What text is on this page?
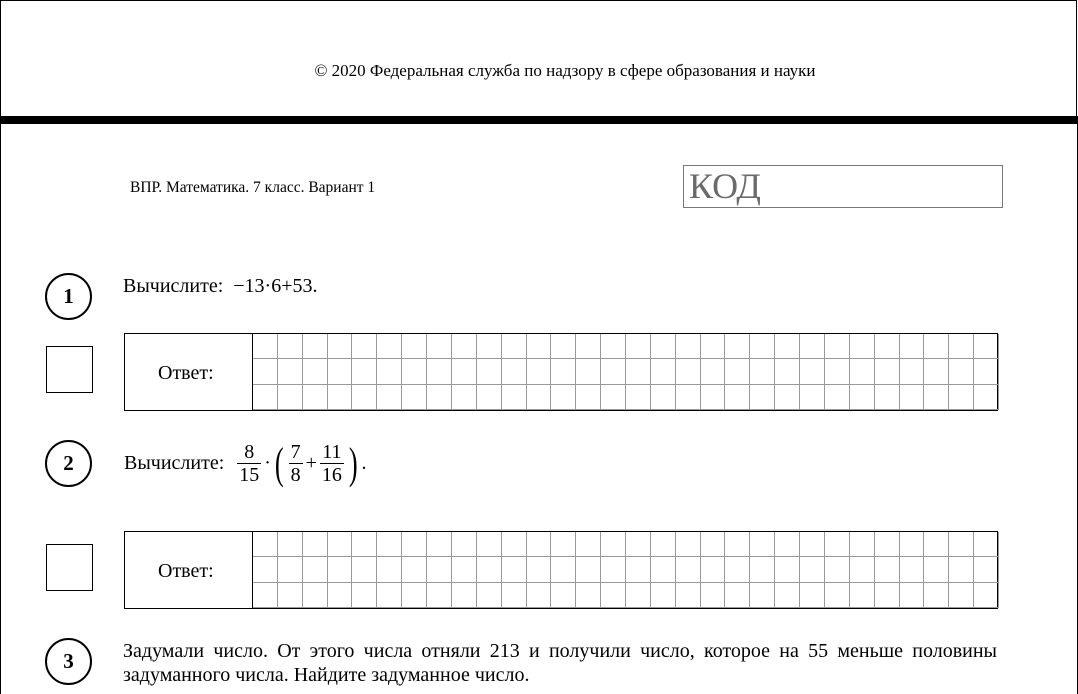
© 2020 Федеральная служба по надзору в сфере образования и науки
ВПР. Математика. 7 класс. Вариант 1	КОД
1	Вычислите: −13·6+53.
Ответ:
2	Вычислите: $\frac{8}{15}$ ·( $\frac{7}{8} + \frac{11}{16}$ ) .
Ответ:
3	Задумали число. От этого числа отняли 213 и получили число, которое на 55 меньше половины задуманного числа. Найдите задуманное число.
